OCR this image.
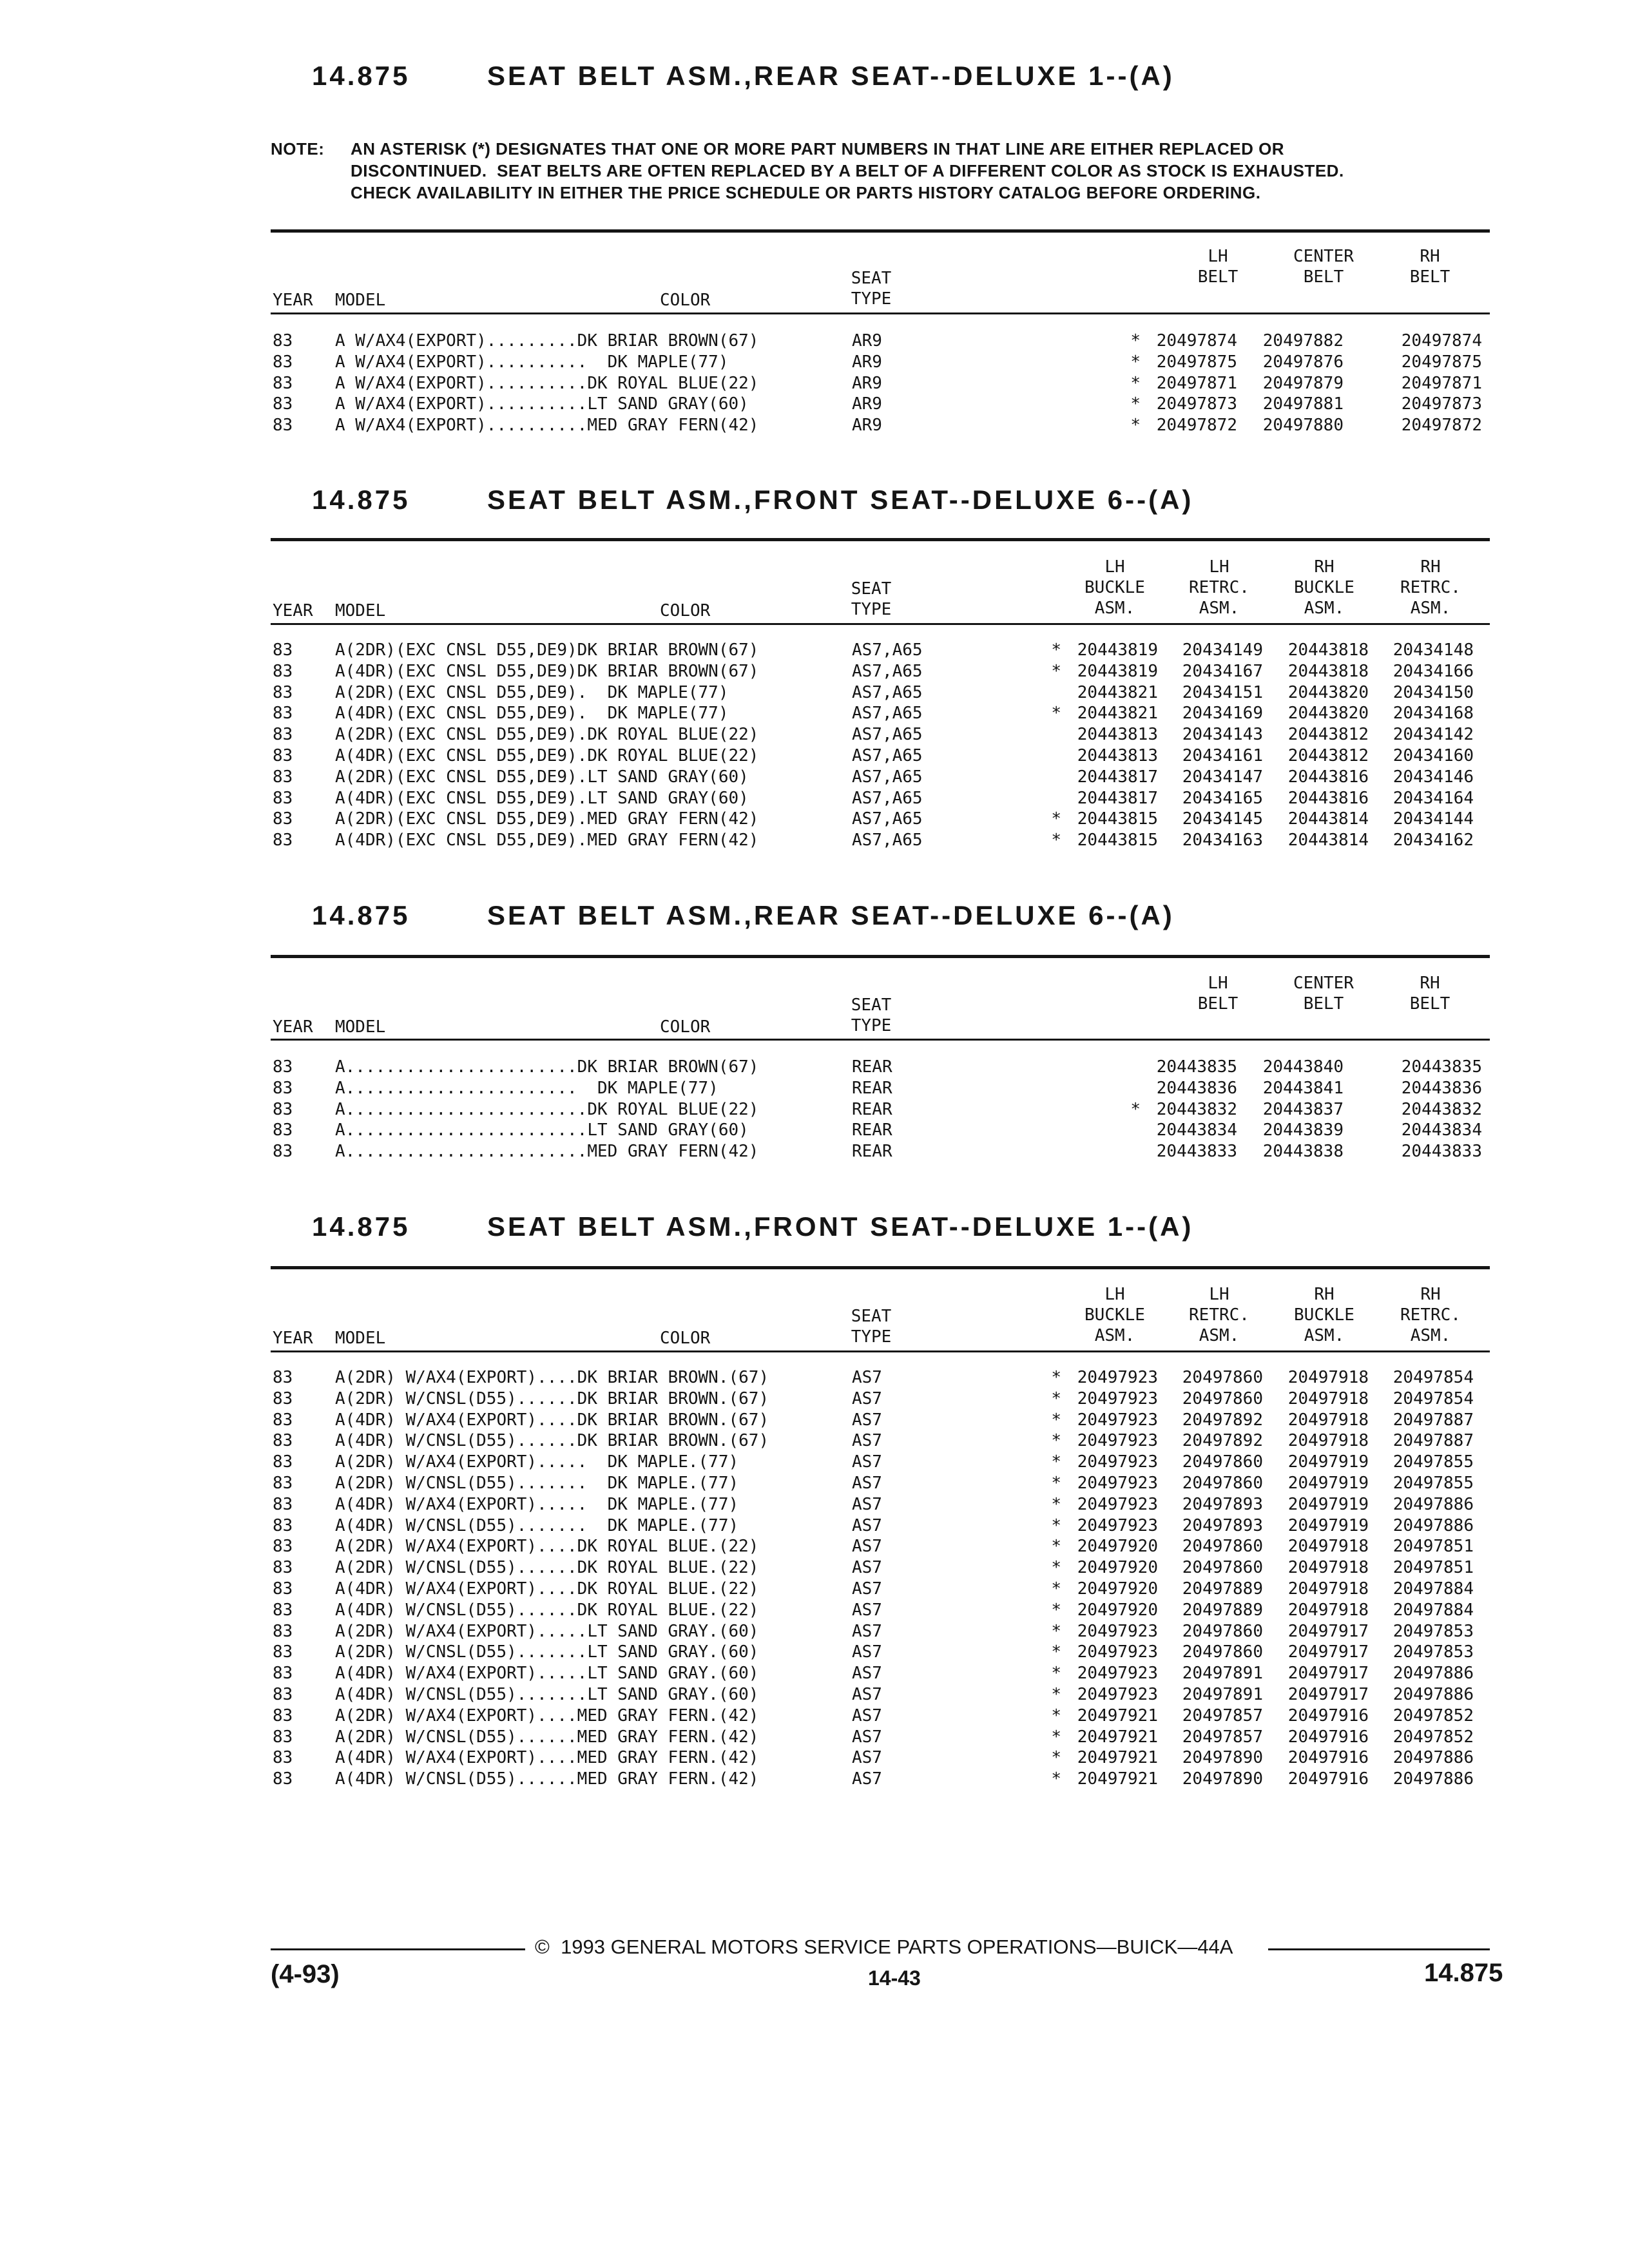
14.875	SEAT BELT ASM.,REAR SEAT--DELUXE 1--(A)
NOTE: AN ASTERISK (*) DESIGNATES THAT ONE OR MORE PART NUMBERS IN THAT LINE ARE EITHER REPLACED OR
DISCONTINUED.  SEAT BELTS ARE OFTEN REPLACED BY A BELT OF A DIFFERENT COLOR AS STOCK IS EXHAUSTED.
CHECK AVAILABILITY IN EITHER THE PRICE SCHEDULE OR PARTS HISTORY CATALOG BEFORE ORDERING.
SEAT
TYPE
YEAR MODEL	COLOR
LH
BELT
CENTER
BELT
RH
BELT
83	A W/AX4(EXPORT).........DK BRIAR BROWN(67)	AR9	* 20497874 20497882	20497874
83	A W/AX4(EXPORT)..........  DK MAPLE(77)	AR9	* 20497875 20497876	20497875
83	A W/AX4(EXPORT)..........DK ROYAL BLUE(22)	AR9	* 20497871 20497879	20497871
83	A W/AX4(EXPORT)..........LT SAND GRAY(60)	AR9	* 20497873 20497881	20497873
83	A W/AX4(EXPORT)..........MED GRAY FERN(42)	AR9	* 20497872 20497880	20497872
14.875	SEAT BELT ASM.,FRONT SEAT--DELUXE 6--(A)
SEAT
TYPE
YEAR MODEL	COLOR
LH
BUCKLE
ASM.
LH
RETRC.
ASM.
RH
BUCKLE
ASM.
RH
RETRC.
ASM.
83	A(2DR)(EXC CNSL D55,DE9)DK BRIAR BROWN(67)	AS7,A65	* 20443819 20434149 20443818 20434148
83	A(4DR)(EXC CNSL D55,DE9)DK BRIAR BROWN(67)	AS7,A65	* 20443819 20434167 20443818 20434166
83	A(2DR)(EXC CNSL D55,DE9).  DK MAPLE(77)	AS7,A65	20443821 20434151 20443820 20434150
83	A(4DR)(EXC CNSL D55,DE9).  DK MAPLE(77)	AS7,A65	* 20443821 20434169 20443820 20434168
83	A(2DR)(EXC CNSL D55,DE9).DK ROYAL BLUE(22)	AS7,A65	20443813 20434143 20443812 20434142
83	A(4DR)(EXC CNSL D55,DE9).DK ROYAL BLUE(22)	AS7,A65	20443813 20434161 20443812 20434160
83	A(2DR)(EXC CNSL D55,DE9).LT SAND GRAY(60)	AS7,A65	20443817 20434147 20443816 20434146
83	A(4DR)(EXC CNSL D55,DE9).LT SAND GRAY(60)	AS7,A65	20443817 20434165 20443816 20434164
83	A(2DR)(EXC CNSL D55,DE9).MED GRAY FERN(42)	AS7,A65	* 20443815 20434145 20443814 20434144
83	A(4DR)(EXC CNSL D55,DE9).MED GRAY FERN(42)	AS7,A65	* 20443815 20434163 20443814 20434162
14.875	SEAT BELT ASM.,REAR SEAT--DELUXE 6--(A)
SEAT
TYPE
YEAR MODEL	COLOR
LH
BELT
CENTER
BELT
RH
BELT
83	A.......................DK BRIAR BROWN(67)	REAR	20443835 20443840	20443835
83	A.......................  DK MAPLE(77)	REAR	20443836 20443841	20443836
83	A........................DK ROYAL BLUE(22)	REAR	* 20443832 20443837	20443832
83	A........................LT SAND GRAY(60)	REAR	20443834 20443839	20443834
83	A........................MED GRAY FERN(42)	REAR	20443833 20443838	20443833
14.875	SEAT BELT ASM.,FRONT SEAT--DELUXE 1--(A)
SEAT
TYPE
YEAR MODEL	COLOR
LH
BUCKLE
ASM.
LH
RETRC.
ASM.
RH
BUCKLE
ASM.
RH
RETRC.
ASM.
83	A(2DR) W/AX4(EXPORT)....DK BRIAR BROWN.(67)	AS7	* 20497923 20497860 20497918 20497854
83	A(2DR) W/CNSL(D55)......DK BRIAR BROWN.(67)	AS7	* 20497923 20497860 20497918 20497854
83	A(4DR) W/AX4(EXPORT)....DK BRIAR BROWN.(67)	AS7	* 20497923 20497892 20497918 20497887
83	A(4DR) W/CNSL(D55)......DK BRIAR BROWN.(67)	AS7	* 20497923 20497892 20497918 20497887
83	A(2DR) W/AX4(EXPORT).....  DK MAPLE.(77)	AS7	* 20497923 20497860 20497919 20497855
83	A(2DR) W/CNSL(D55).......  DK MAPLE.(77)	AS7	* 20497923 20497860 20497919 20497855
83	A(4DR) W/AX4(EXPORT).....  DK MAPLE.(77)	AS7	* 20497923 20497893 20497919 20497886
83	A(4DR) W/CNSL(D55).......  DK MAPLE.(77)	AS7	* 20497923 20497893 20497919 20497886
83	A(2DR) W/AX4(EXPORT)....DK ROYAL BLUE.(22)	AS7	* 20497920 20497860 20497918 20497851
83	A(2DR) W/CNSL(D55)......DK ROYAL BLUE.(22)	AS7	* 20497920 20497860 20497918 20497851
83	A(4DR) W/AX4(EXPORT)....DK ROYAL BLUE.(22)	AS7	* 20497920 20497889 20497918 20497884
83	A(4DR) W/CNSL(D55)......DK ROYAL BLUE.(22)	AS7	* 20497920 20497889 20497918 20497884
83	A(2DR) W/AX4(EXPORT).....LT SAND GRAY.(60)	AS7	* 20497923 20497860 20497917 20497853
83	A(2DR) W/CNSL(D55).......LT SAND GRAY.(60)	AS7	* 20497923 20497860 20497917 20497853
83	A(4DR) W/AX4(EXPORT).....LT SAND GRAY.(60)	AS7	* 20497923 20497891 20497917 20497886
83	A(4DR) W/CNSL(D55).......LT SAND GRAY.(60)	AS7	* 20497923 20497891 20497917 20497886
83	A(2DR) W/AX4(EXPORT)....MED GRAY FERN.(42)	AS7	* 20497921 20497857 20497916 20497852
83	A(2DR) W/CNSL(D55)......MED GRAY FERN.(42)	AS7	* 20497921 20497857 20497916 20497852
83	A(4DR) W/AX4(EXPORT)....MED GRAY FERN.(42)	AS7	* 20497921 20497890 20497916 20497886
83	A(4DR) W/CNSL(D55)......MED GRAY FERN.(42)	AS7	* 20497921 20497890 20497916 20497886
©  1993 GENERAL MOTORS SERVICE PARTS OPERATIONS—BUICK—44A
(4-93)	14-43	14.875
